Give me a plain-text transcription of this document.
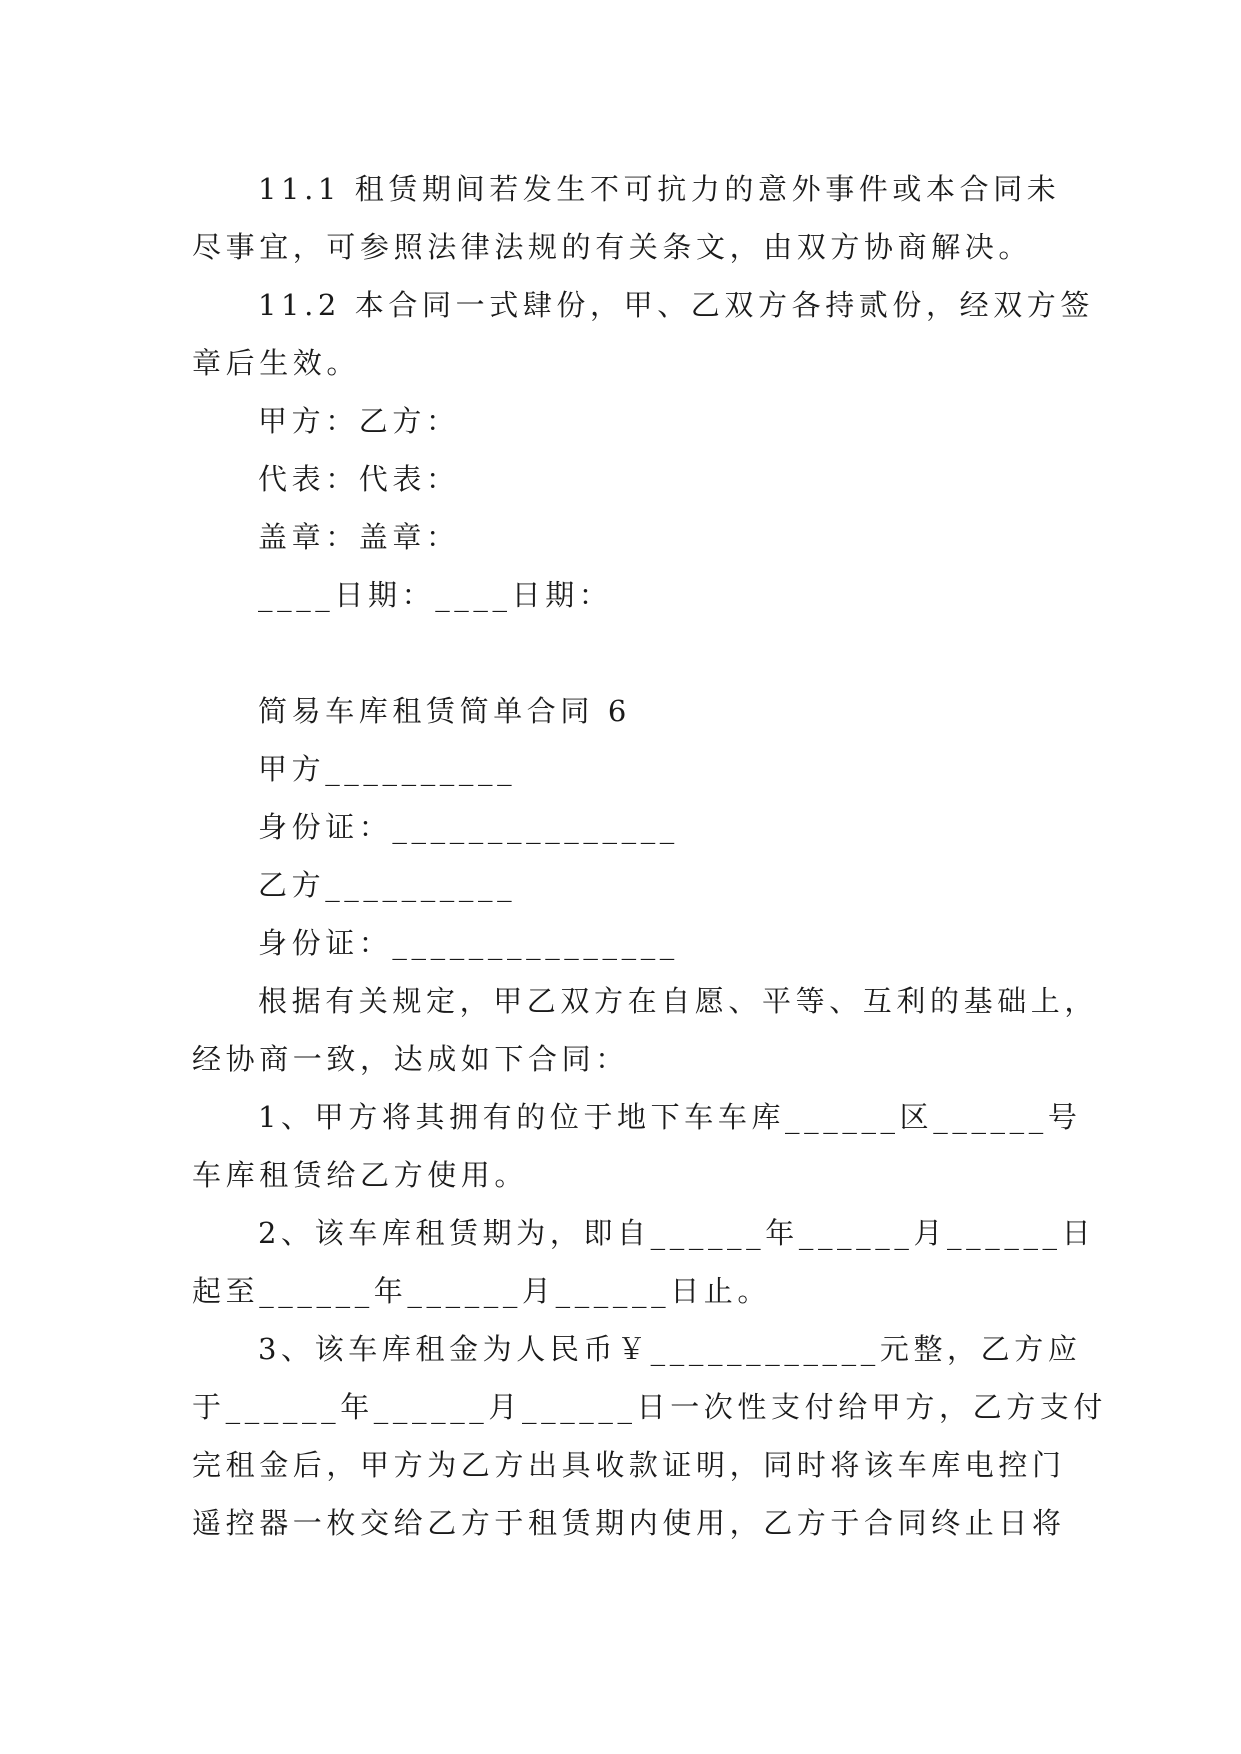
11.1 租赁期间若发生不可抗力的意外事件或本合同未
尽事宜，可参照法律法规的有关条文，由双方协商解决。
11.2 本合同一式肆份，甲、乙双方各持贰份，经双方签
章后生效。
甲方：乙方：
代表：代表：
盖章：盖章：
____日期：____日期：
简易车库租赁简单合同 6
甲方__________
身份证：_______________
乙方__________
身份证：_______________
根据有关规定，甲乙双方在自愿、平等、互利的基础上，
经协商一致，达成如下合同：
1、甲方将其拥有的位于地下车车库______区______号
车库租赁给乙方使用。
2、该车库租赁期为，即自______年______月______日
起至______年______月______日止。
3、该车库租金为人民币￥____________元整，乙方应
于______年______月______日一次性支付给甲方，乙方支付
完租金后，甲方为乙方出具收款证明，同时将该车库电控门
遥控器一枚交给乙方于租赁期内使用，乙方于合同终止日将
